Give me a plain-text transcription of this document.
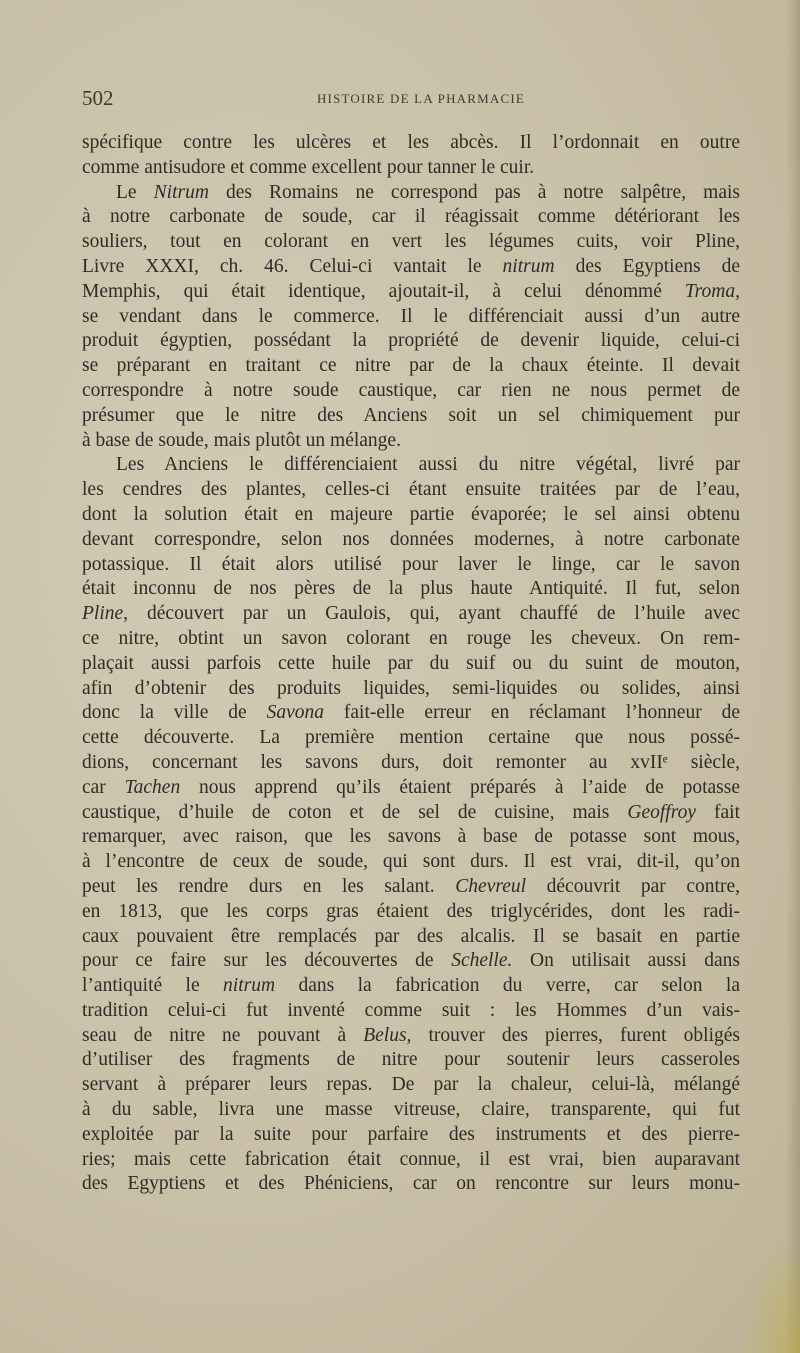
502	HISTOIRE DE LA PHARMACIE
spécifique contre les ulcères et les abcès. Il l’ordonnait en outre
comme antisudore et comme excellent pour tanner le cuir.
Le Nitrum des Romains ne correspond pas à notre salpêtre, mais
à notre carbonate de soude, car il réagissait comme détériorant les
souliers, tout en colorant en vert les légumes cuits, voir Pline,
Livre XXXI, ch. 46. Celui-ci vantait le nitrum des Egyptiens de
Memphis, qui était identique, ajoutait-il, à celui dénommé Troma,
se vendant dans le commerce. Il le différenciait aussi d’un autre
produit égyptien, possédant la propriété de devenir liquide, celui-ci
se préparant en traitant ce nitre par de la chaux éteinte. Il devait
correspondre à notre soude caustique, car rien ne nous permet de
présumer que le nitre des Anciens soit un sel chimiquement pur
à base de soude, mais plutôt un mélange.
Les Anciens le différenciaient aussi du nitre végétal, livré par
les cendres des plantes, celles-ci étant ensuite traitées par de l’eau,
dont la solution était en majeure partie évaporée; le sel ainsi obtenu
devant correspondre, selon nos données modernes, à notre carbonate
potassique. Il était alors utilisé pour laver le linge, car le savon
était inconnu de nos pères de la plus haute Antiquité. Il fut, selon
Pline, découvert par un Gaulois, qui, ayant chauffé de l’huile avec
ce nitre, obtint un savon colorant en rouge les cheveux. On rem-
plaçait aussi parfois cette huile par du suif ou du suint de mouton,
afin d’obtenir des produits liquides, semi-liquides ou solides, ainsi
donc la ville de Savona fait-elle erreur en réclamant l’honneur de
cette découverte. La première mention certaine que nous possé-
dions, concernant les savons durs, doit remonter au xvIIᵉ siècle,
car Tachen nous apprend qu’ils étaient préparés à l’aide de potasse
caustique, d’huile de coton et de sel de cuisine, mais Geoffroy fait
remarquer, avec raison, que les savons à base de potasse sont mous,
à l’encontre de ceux de soude, qui sont durs. Il est vrai, dit-il, qu’on
peut les rendre durs en les salant. Chevreul découvrit par contre,
en 1813, que les corps gras étaient des triglycérides, dont les radi-
caux pouvaient être remplacés par des alcalis. Il se basait en partie
pour ce faire sur les découvertes de Schelle. On utilisait aussi dans
l’antiquité le nitrum dans la fabrication du verre, car selon la
tradition celui-ci fut inventé comme suit : les Hommes d’un vais-
seau de nitre ne pouvant à Belus, trouver des pierres, furent obligés
d’utiliser des fragments de nitre pour soutenir leurs casseroles
servant à préparer leurs repas. De par la chaleur, celui-là, mélangé
à du sable, livra une masse vitreuse, claire, transparente, qui fut
exploitée par la suite pour parfaire des instruments et des pierre-
ries; mais cette fabrication était connue, il est vrai, bien auparavant
des Egyptiens et des Phéniciens, car on rencontre sur leurs monu-
